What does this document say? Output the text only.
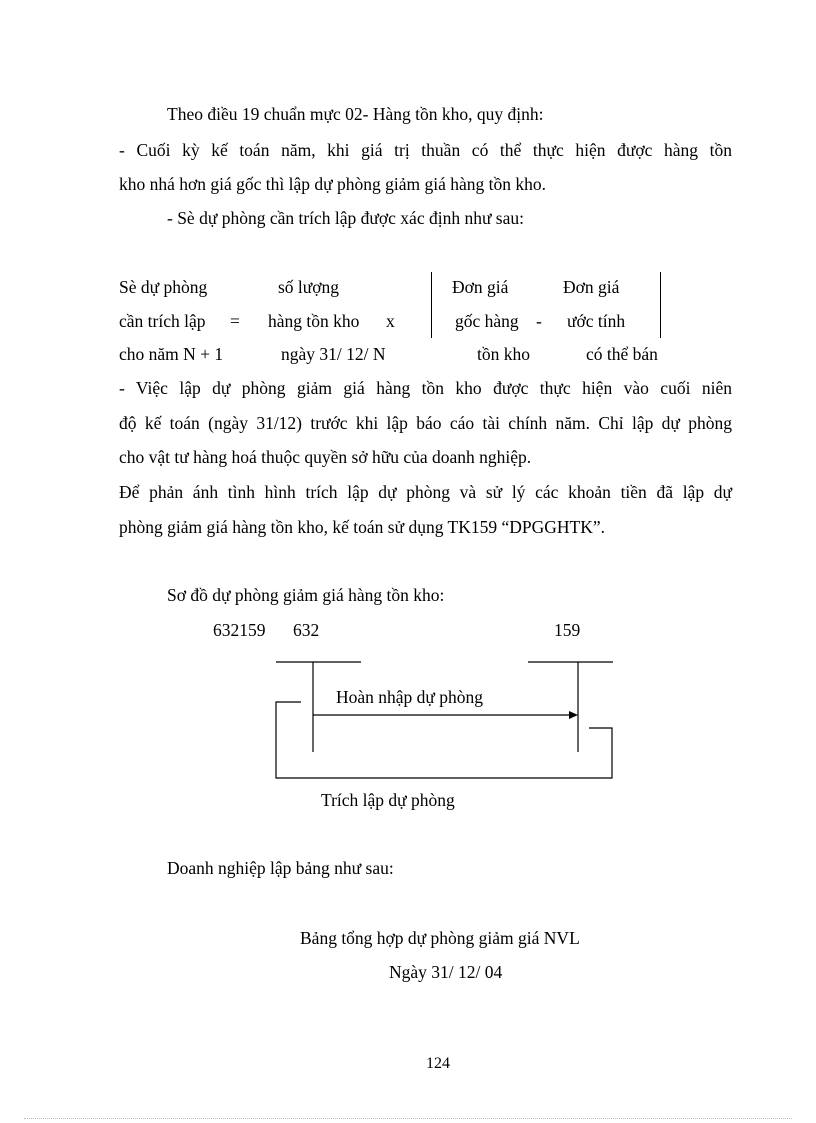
Theo điều 19 chuẩn mực 02- Hàng tồn kho, quy định:
- Cuối kỳ kế toán năm, khi giá trị thuần có thể thực hiện được hàng tồn
kho nhá hơn giá gốc thì lập dự phòng giảm giá hàng tồn kho.
- Sè dự phòng cần trích lập được xác định như sau:
Sè dự phòng
cần trích lập
cho năm N + 1
=
số lượng
hàng tồn kho
ngày 31/ 12/ N
x
Đơn giá
gốc hàng
tồn kho
-
Đơn giá
ước tính
có thể bán
- Việc lập dự phòng giảm giá hàng tồn kho được thực hiện vào cuối niên
độ kế toán (ngày 31/12) trước khi lập báo cáo tài chính năm. Chỉ lập dự phòng
cho vật tư hàng hoá thuộc quyền sở hữu của doanh nghiệp.
Để phản ánh tình hình trích lập dự phòng và sử lý các khoản tiền đã lập dự
phòng giảm giá hàng tồn kho, kế toán sử dụng TK159 “DPGGHTK”.
Sơ đồ dự phòng giảm giá hàng tồn kho:
632159 632	159
Hoàn nhập dự phòng
Trích lập dự phòng
Doanh nghiệp lập bảng như sau:
Bảng tổng hợp dự phòng giảm giá NVL
Ngày 31/ 12/ 04
124
